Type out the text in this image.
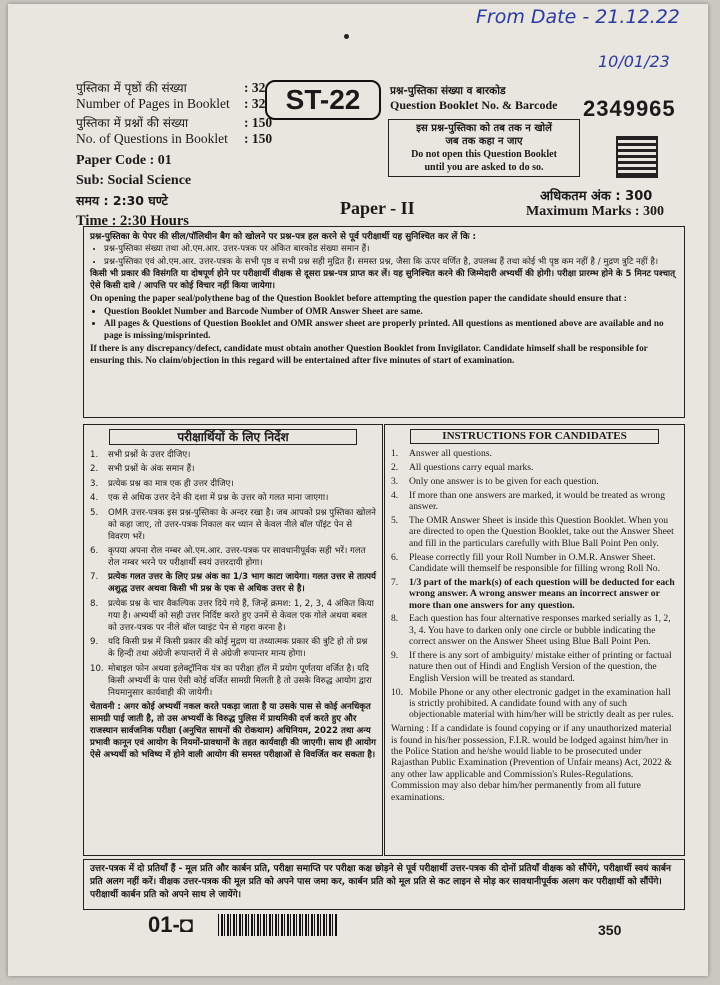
From Date - 21.12.22
10/01/23
पुस्तिका में पृष्ठों की संख्या	: 32
Number of Pages in Booklet : 32
पुस्तिका में प्रश्नों की संख्या	: 150
No. of Questions in Booklet : 150
Paper Code : 01
Sub: Social Science
समय : 2:30 घण्टे
Time : 2:30 Hours
ST-22	प्रश्न-पुस्तिका संख्या व बारकोड
Question Booklet No. & Barcode 2349965
इस प्रश्न-पुस्तिका को तब तक न खोलें
जब तक कहा न जाए
Do not open this Question Booklet
until you are asked to do so.
Paper - II
अधिकतम अंक : 300
Maximum Marks : 300

प्रश्न-पुस्तिका के पेपर की सील/पॉलिथीन बैग को खोलने पर प्रश्न-पत्र हल करने से पूर्व परीक्षार्थी यह सुनिश्चित कर लें कि :

• प्रश्न-पुस्तिका संख्या तथा ओ.एम.आर. उत्तर-पत्रक पर अंकित बारकोड संख्या समान हैं।
• प्रश्न-पुस्तिका एवं ओ.एम.आर. उत्तर-पत्रक के सभी पृष्ठ व सभी प्रश्न सही मुद्रित हैं। समस्त प्रश्न, जैसा कि ऊपर वर्णित है, उपलब्ध हैं तथा कोई भी पृष्ठ कम नहीं है / मुद्रण त्रुटि नहीं है।

किसी भी प्रकार की विसंगति या दोषपूर्ण होने पर परीक्षार्थी वीक्षक से दूसरा प्रश्न-पत्र प्राप्त कर लें। यह सुनिश्चित करने की जिम्मेदारी अभ्यर्थी की होगी। परीक्षा प्रारम्भ होने के 5 मिनट पश्चात् ऐसे किसी दावे / आपत्ति पर कोई विचार नहीं किया जायेगा।

On opening the paper seal/polythene bag of the Question Booklet before attempting the question paper the candidate should ensure that :

• Question Booklet Number and Barcode Number of OMR Answer Sheet are same.
• All pages & Questions of Question Booklet and OMR answer sheet are properly printed. All questions as mentioned above are available and no page is missing/misprinted.

If there is any discrepancy/defect, candidate must obtain another Question Booklet from Invigilator. Candidate himself shall be responsible for ensuring this. No claim/objection in this regard will be entertained after five minutes of start of examination.

परीक्षार्थियों के लिए निर्देश
1. सभी प्रश्नों के उत्तर दीजिए।
2. सभी प्रश्नों के अंक समान हैं।
3. प्रत्येक प्रश्न का मात्र एक ही उत्तर दीजिए।
4. एक से अधिक उत्तर देने की दशा में प्रश्न के उत्तर को गलत माना जाएगा।
5. OMR उत्तर-पत्रक इस प्रश्न-पुस्तिका के अन्दर रखा है। जब आपको प्रश्न पुस्तिका खोलने को कहा जाए, तो उत्तर-पत्रक निकाल कर ध्यान से केवल नीले बॉल पॉइंट पेन से विवरण भरें।
6. कृपया अपना रोल नम्बर ओ.एम.आर. उत्तर-पत्रक पर सावधानीपूर्वक सही भरें। गलत रोल नम्बर भरने पर परीक्षार्थी स्वयं उत्तरदायी होगा।
7. प्रत्येक गलत उत्तर के लिए प्रश्न अंक का 1/3 भाग काटा जायेगा। गलत उत्तर से तात्पर्य अशुद्ध उत्तर अथवा किसी भी प्रश्न के एक से अधिक उत्तर से है।
8. प्रत्येक प्रश्न के चार वैकल्पिक उत्तर दिये गये हैं, जिन्हें क्रमश: 1, 2, 3, 4 अंकित किया गया है। अभ्यर्थी को सही उत्तर निर्दिष्ट करते हुए उनमें से केवल एक गोले अथवा बबल को उत्तर-पत्रक पर नीले बॉल प्वाइंट पेन से गहरा करना है।
9. यदि किसी प्रश्न में किसी प्रकार की कोई मुद्रण या तथ्यात्मक प्रकार की त्रुटि हो तो प्रश्न के हिन्दी तथा अंग्रेजी रूपान्तरों में से अंग्रेजी रूपान्तर मान्य होगा।
10. मोबाइल फोन अथवा इलेक्ट्रॉनिक यंत्र का परीक्षा हॉल में प्रयोग पूर्णतया वर्जित है। यदि किसी अभ्यर्थी के पास ऐसी कोई वर्जित सामग्री मिलती है तो उसके विरुद्ध आयोग द्वारा नियमानुसार कार्यवाही की जायेगी।
चेतावनी : अगर कोई अभ्यर्थी नकल करते पकड़ा जाता है या उसके पास से कोई अनधिकृत सामग्री पाई जाती है, तो उस अभ्यर्थी के विरुद्ध पुलिस में प्राथमिकी दर्ज करते हुए और राजस्थान सार्वजनिक परीक्षा (अनुचित साधनों की रोकथाम) अधिनियम, 2022 तथा अन्य प्रभावी कानून एवं आयोग के नियमों-प्रावधानों के तहत कार्यवाही की जाएगी। साथ ही आयोग ऐसे अभ्यर्थी को भविष्य में होने वाली आयोग की समस्त परीक्षाओं से विवर्जित कर सकता है।
INSTRUCTIONS FOR CANDIDATES
1. Answer all questions.
2. All questions carry equal marks.
3. Only one answer is to be given for each question.
4. If more than one answers are marked, it would be treated as wrong answer.
5. The OMR Answer Sheet is inside this Question Booklet. When you are directed to open the Question Booklet, take out the Answer Sheet and fill in the particulars carefully with Blue Ball Point Pen only.
6. Please correctly fill your Roll Number in O.M.R. Answer Sheet. Candidate will themself be responsible for filling wrong Roll No.
7. 1/3 part of the mark(s) of each question will be deducted for each wrong answer. A wrong answer means an incorrect answer or more than one answers for any question.
8. Each question has four alternative responses marked serially as 1, 2, 3, 4. You have to darken only one circle or bubble indicating the correct answer on the Answer Sheet using Blue Ball Point Pen.
9. If there is any sort of ambiguity/ mistake either of printing or factual nature then out of Hindi and English Version of the question, the English Version will be treated as standard.
10. Mobile Phone or any other electronic gadget in the examination hall is strictly prohibited. A candidate found with any of such objectionable material with him/her will be strictly dealt as per rules.
Warning : If a candidate is found copying or if any unauthorized material is found in his/her possession, F.I.R. would be lodged against him/her in the Police Station and he/she would liable to be prosecuted under Rajasthan Public Examination (Prevention of Unfair means) Act, 2022 & any other law applicable and Commission's Rules-Regulations. Commission may also debar him/her permanently from all future examinations.
उत्तर-पत्रक में दो प्रतियाँ हैं - मूल प्रति और कार्बन प्रति, परीक्षा समाप्ति पर परीक्षा कक्ष छोड़ने से पूर्व परीक्षार्थी उत्तर-पत्रक की दोनों प्रतियाँ वीक्षक को सौंपेंगे, परीक्षार्थी स्वयं कार्बन प्रति अलग नहीं करें। वीक्षक उत्तर-पत्रक की मूल प्रति को अपने पास जमा कर, कार्बन प्रति को मूल प्रति से कट लाइन से मोड़ कर सावधानीपूर्वक अलग कर परीक्षार्थी को सौंपेंगे। परीक्षार्थी कार्बन प्रति को अपने साथ ले जायेंगे।
01-◘	350
